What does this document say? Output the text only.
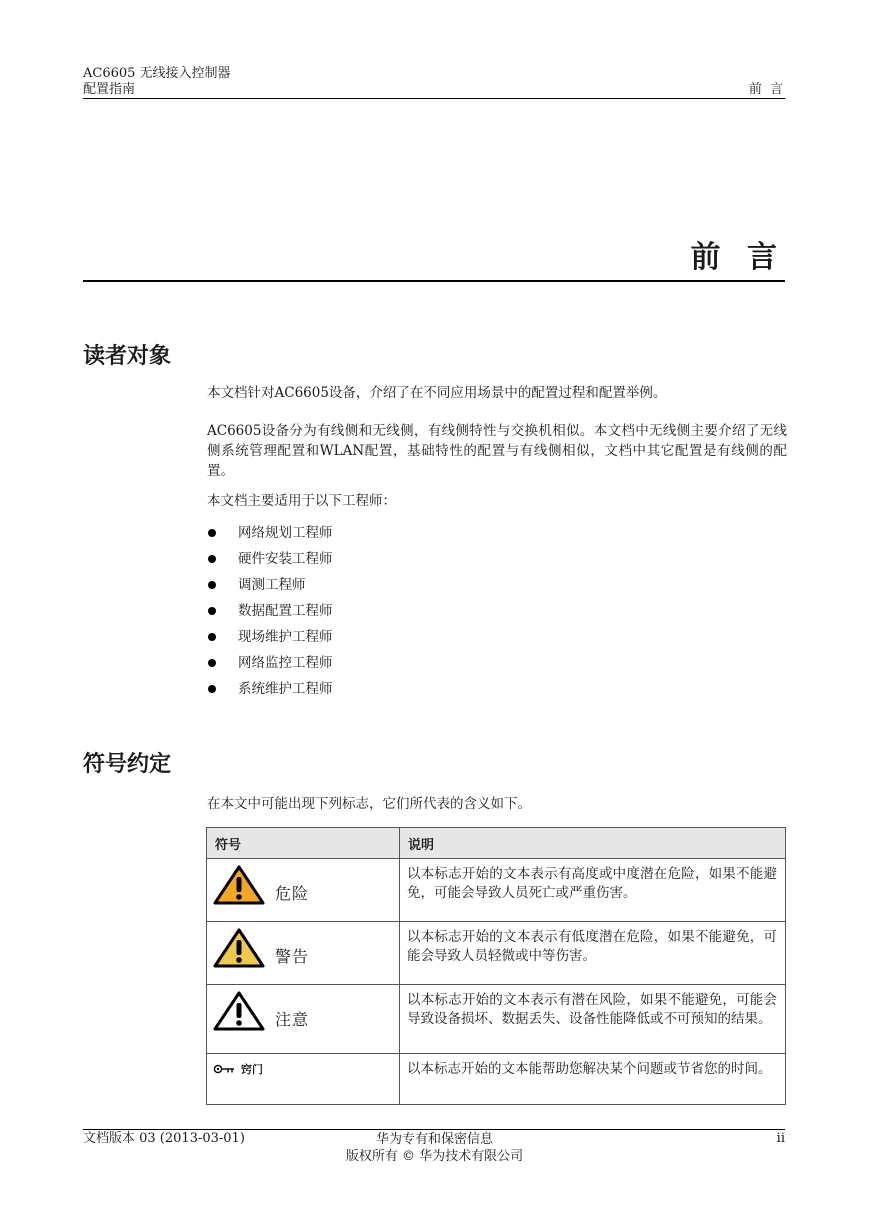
AC6605 无线接入控制器
配置指南	前 言
前 言
读者对象
本文档针对AC6605设备，介绍了在不同应用场景中的配置过程和配置举例。
AC6605设备分为有线侧和无线侧，有线侧特性与交换机相似。本文档中无线侧主要介绍了无线侧系统管理配置和WLAN配置，基础特性的配置与有线侧相似，文档中其它配置是有线侧的配置。
本文档主要适用于以下工程师：
网络规划工程师
硬件安装工程师
调测工程师
数据配置工程师
现场维护工程师
网络监控工程师
系统维护工程师
符号约定
在本文中可能出现下列标志，它们所代表的含义如下。
符号	说明

危险	以本标志开始的文本表示有高度或中度潜在危险，如果不能避免，可能会导致人员死亡或严重伤害。

警告	以本标志开始的文本表示有低度潜在危险，如果不能避免，可能会导致人员轻微或中等伤害。

注意	以本标志开始的文本表示有潜在风险，如果不能避免，可能会导致设备损坏、数据丢失、设备性能降低或不可预知的结果。

窍门	以本标志开始的文本能帮助您解决某个问题或节省您的时间。
文档版本 03 (2013-03-01)	华为专有和保密信息
版权所有 © 华为技术有限公司
ii
